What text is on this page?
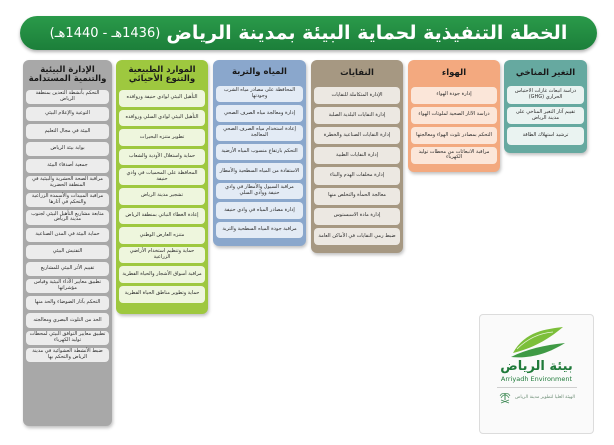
الخطة التنفيذية لحماية البيئة بمدينة الرياض
(1436هـ - 1440هـ)
التغير المناخي
دراسة انبعاث غازات الاحتباس الحراري (GHG)
تقييم آثار التغير المناخي على مدينة الرياض
ترشيد استهلاك الطاقة
الهواء
إدارة جودة الهواء
دراسة الآثار الصحية لملوثات الهواء
التحكم بمصادر تلوث الهواء ومعالجتها
مراقبة الانبعاثات من محطات توليد الكهرباء
النفايات
الإدارة المتكاملة للنفايات
إدارة النفايات البلدية الصلبة
إدارة النفايات الصناعية والخطرة
إدارة النفايات الطبية
إدارة مخلفات الهدم والبناء
معالجة الحمأة والتخلص منها
إدارة مادة الاسبستوس
ضبط رمي النفايات في الأماكن العامة
المياه والتربة
المحافظة على مصادر مياه الشرب وجودتها
إدارة ومعالجة مياه الصرف الصحي
إعادة استخدام مياه الصرف الصحي المعالجة
التحكم بارتفاع منسوب المياه الأرضية
الاستفادة من المياه السطحية والأمطار
مراقبة السيول والأمطار في وادي حنيفة ووادي السلي
إدارة مصادر المياه في وادي حنيفة
مراقبة جودة المياه السطحية والتربة
الموارد الطبيعية والتنوع الأحيائي
التأهيل البيئي لوادي حنيفة وروافده
التأهيل البيئي لوادي السلي وروافده
تطوير متنزه البحيرات
حماية واستغلال الأودية والشعاب
المحافظة على المحميات في وادي حنيفة
تشجير مدينة الرياض
إعادة الغطاء النباتي بمنطقة الرياض
متنزه العارض الوطني
حماية وتنظيم استخدام الأراضي الزراعية
مراقبة أسواق الأشجار والحياة الفطرية
حماية وتطوير مناطق الحياة الفطرية
الإدارة البيئية والتنمية المستدامة
التحكم بأنشطة التعدين بمنطقة الرياض
التوعية والإعلام البيئي
البيئة في مجال التعليم
بوابة بيئة الرياض
جمعية أصدقاء البيئة
مراقبة الصحة الحشرية والبيئية في المنطقة الحضرية
مراقبة المبيدات والأسمدة الزراعية والتحكم في آثارها
متابعة مشاريع التأهيل البيئي لجنوب مدينة الرياض
حماية البيئة في المدن الصناعية
التفتيش البيئي
تقييم الأثر البيئي للمشاريع
تطبيق معايير الأداء البيئية وقياس مؤشراتها
التحكم بآثار الضوضاء والحد منها
الحد من التلوث البصري ومعالجته
تطبيق معايير التوافق البيئي لمحطات توليد الكهرباء
ضبط الأنشطة العشوائية في مدينة الرياض والتحكم بها
بيئة الرياض
Arriyadh Environment
الهيئة العليا لتطوير مدينة الرياض
